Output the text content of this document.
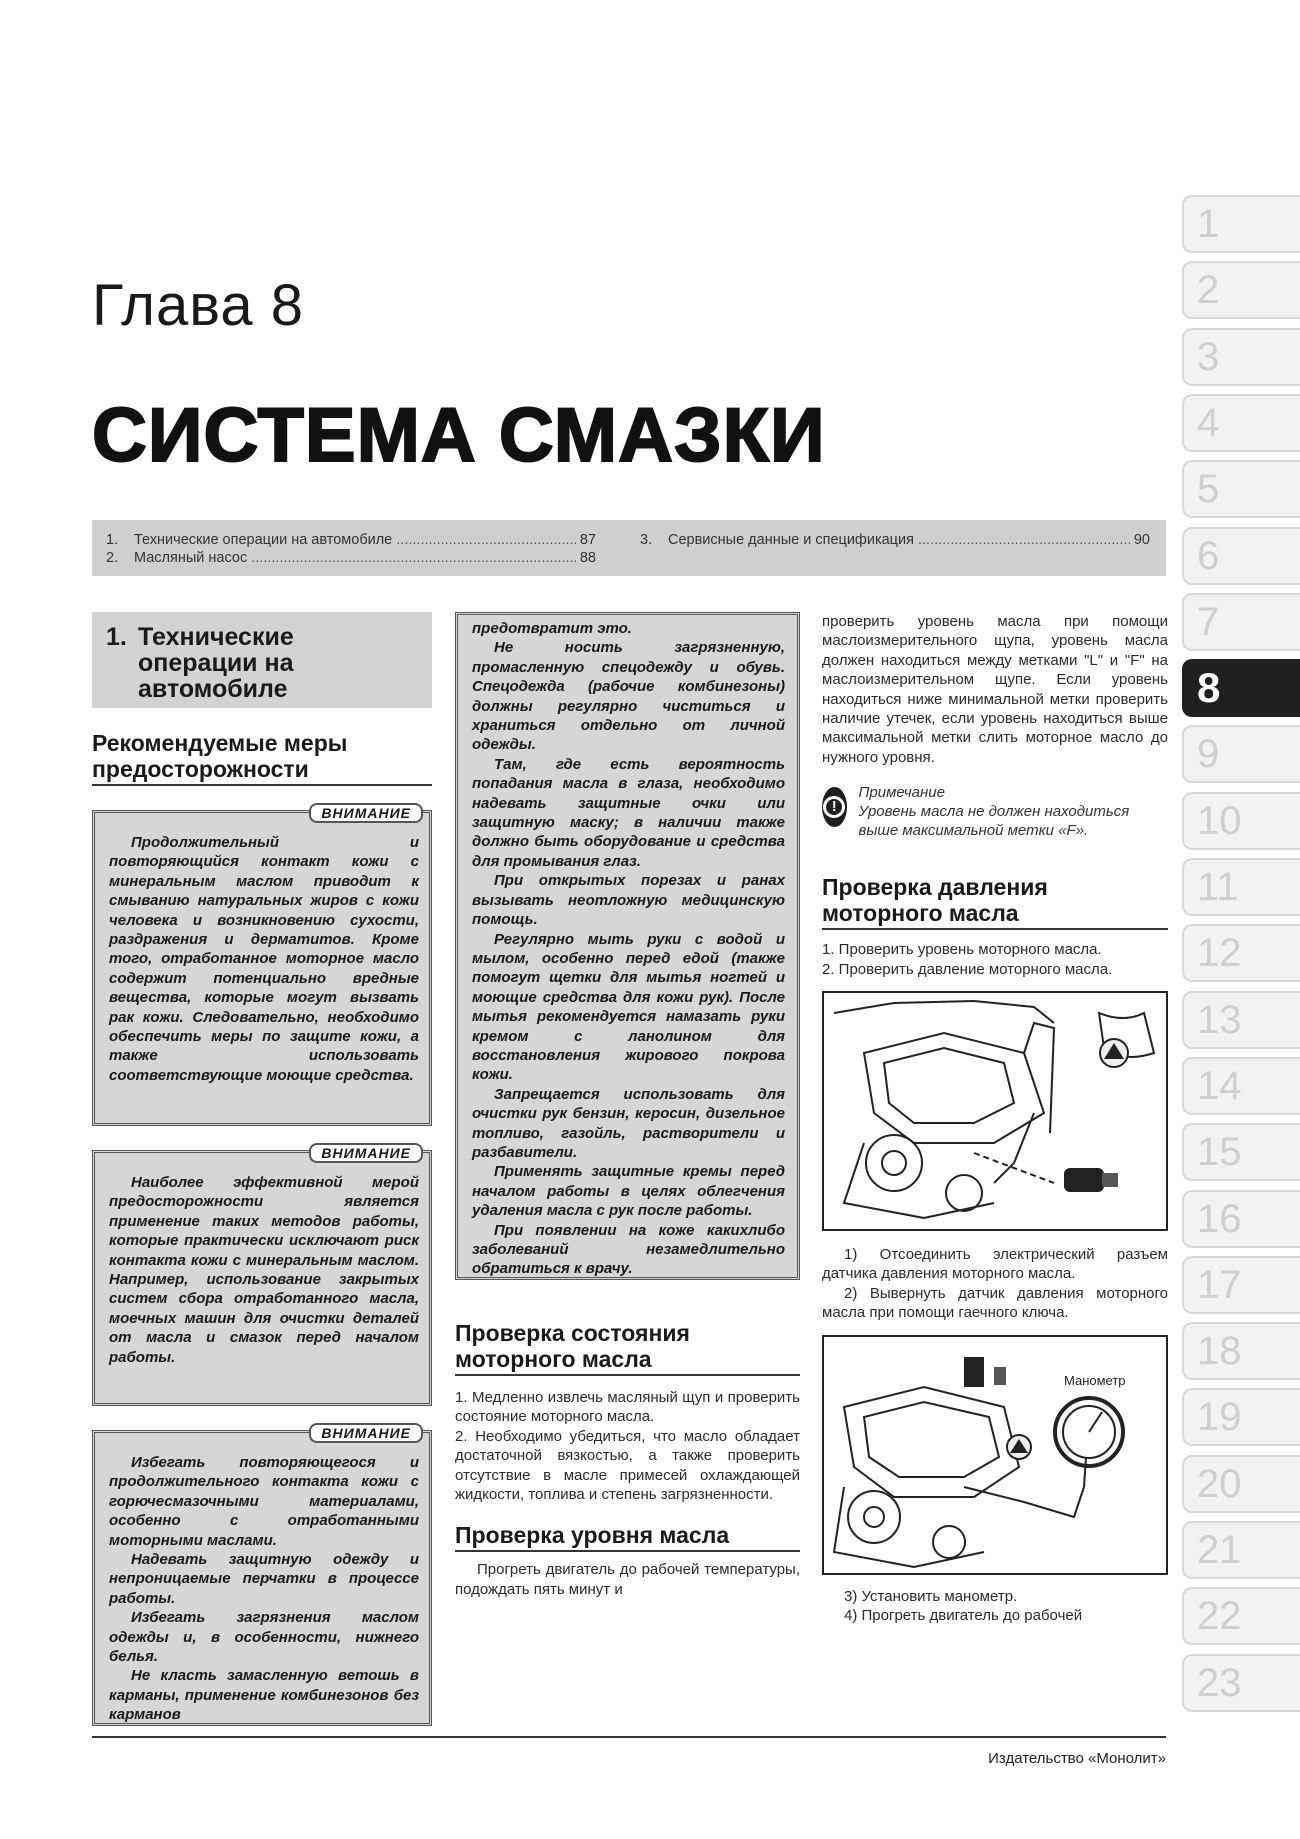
Глава 8
СИСТЕМА СМАЗКИ
1.	Технические операции на автомобиле .....	87
2.	Масляный насос .....	88
3.	Сервисные данные и спецификация .....	90
1
2
3
4
5
6
7
8
9
10
11
12
13
14
15
16
17
18
19
20
21
22
23
1. Технические операции на автомобиле
Рекомендуемые меры предосторожности
ВНИМАНИЕ

Продолжительный и повторяющийся контакт кожи с минеральным маслом приводит к смыванию натуральных жиров с кожи человека и возникновению сухости, раздражения и дерматитов. Кроме того, отработанное моторное масло содержит потенциально вредные вещества, которые могут вызвать рак кожи. Следовательно, необходимо обеспечить меры по защите кожи, а также использовать соответствующие моющие средства.

ВНИМАНИЕ

Наиболее эффективной мерой предосторожности является применение таких методов работы, которые практически исключают риск контакта кожи с минеральным маслом. Например, использование закрытых систем сбора отработанного масла, моечных машин для очистки деталей от масла и смазок перед началом работы.

ВНИМАНИЕ

Избегать повторяющегося и продолжительного контакта кожи с горючесмазочными материалами, особенно с отработанными моторными маслами.

Надевать защитную одежду и непроницаемые перчатки в процессе работы.

Избегать загрязнения маслом одежды и, в особенности, нижнего белья.

Не класть замасленную ветошь в карманы, применение комбинезонов без карманов

предотвратит это.

Не носить загрязненную, промасленную спецодежду и обувь. Спецодежда (рабочие комбинезоны) должны регулярно чиститься и храниться отдельно от личной одежды.

Там, где есть вероятность попадания масла в глаза, необходимо надевать защитные очки или защитную маску; в наличии также должно быть оборудование и средства для промывания глаз.

При открытых порезах и ранах вызывать неотложную медицинскую помощь.

Регулярно мыть руки с водой и мылом, особенно перед едой (также помогут щетки для мытья ногтей и моющие средства для кожи рук). После мытья рекомендуется намазать руки кремом с ланолином для восстановления жирового покрова кожи.

Запрещается использовать для очистки рук бензин, керосин, дизельное топливо, газойль, растворители и разбавители.

Применять защитные кремы перед началом работы в целях облегчения удаления масла с рук после работы.

При появлении на коже какихлибо заболеваний незамедлительно обратиться к врачу.

Проверка состояния моторного масла

1. Медленно извлечь масляный щуп и проверить состояние моторного масла.

2. Необходимо убедиться, что масло обладает достаточной вязкостью, а также проверить отсутствие в масле примесей охлаждающей жидкости, топлива и степень загрязненности.

Проверка уровня масла
Прогреть двигатель до рабочей температуры, подождать пять минут и
проверить уровень масла при помощи маслоизмерительного щупа, уровень масла должен находиться между метками "L" и "F" на маслоизмерительном щупе. Если уровень находиться ниже минимальной метки проверить наличие утечек, если уровень находиться выше максимальной метки слить моторное масло до нужного уровня.
!
Примечание
Уровень масла не должен находиться выше максимальной метки «F».
Проверка давления моторного масла

1. Проверить уровень моторного масла.

2. Проверить давление моторного масла.

1) Отсоединить электрический разъем датчика давления моторного масла.
2) Вывернуть датчик давления моторного масла при помощи гаечного ключа.
Манометр
3) Установить манометр.
4) Прогреть двигатель до рабочей
Издательство «Монолит»
